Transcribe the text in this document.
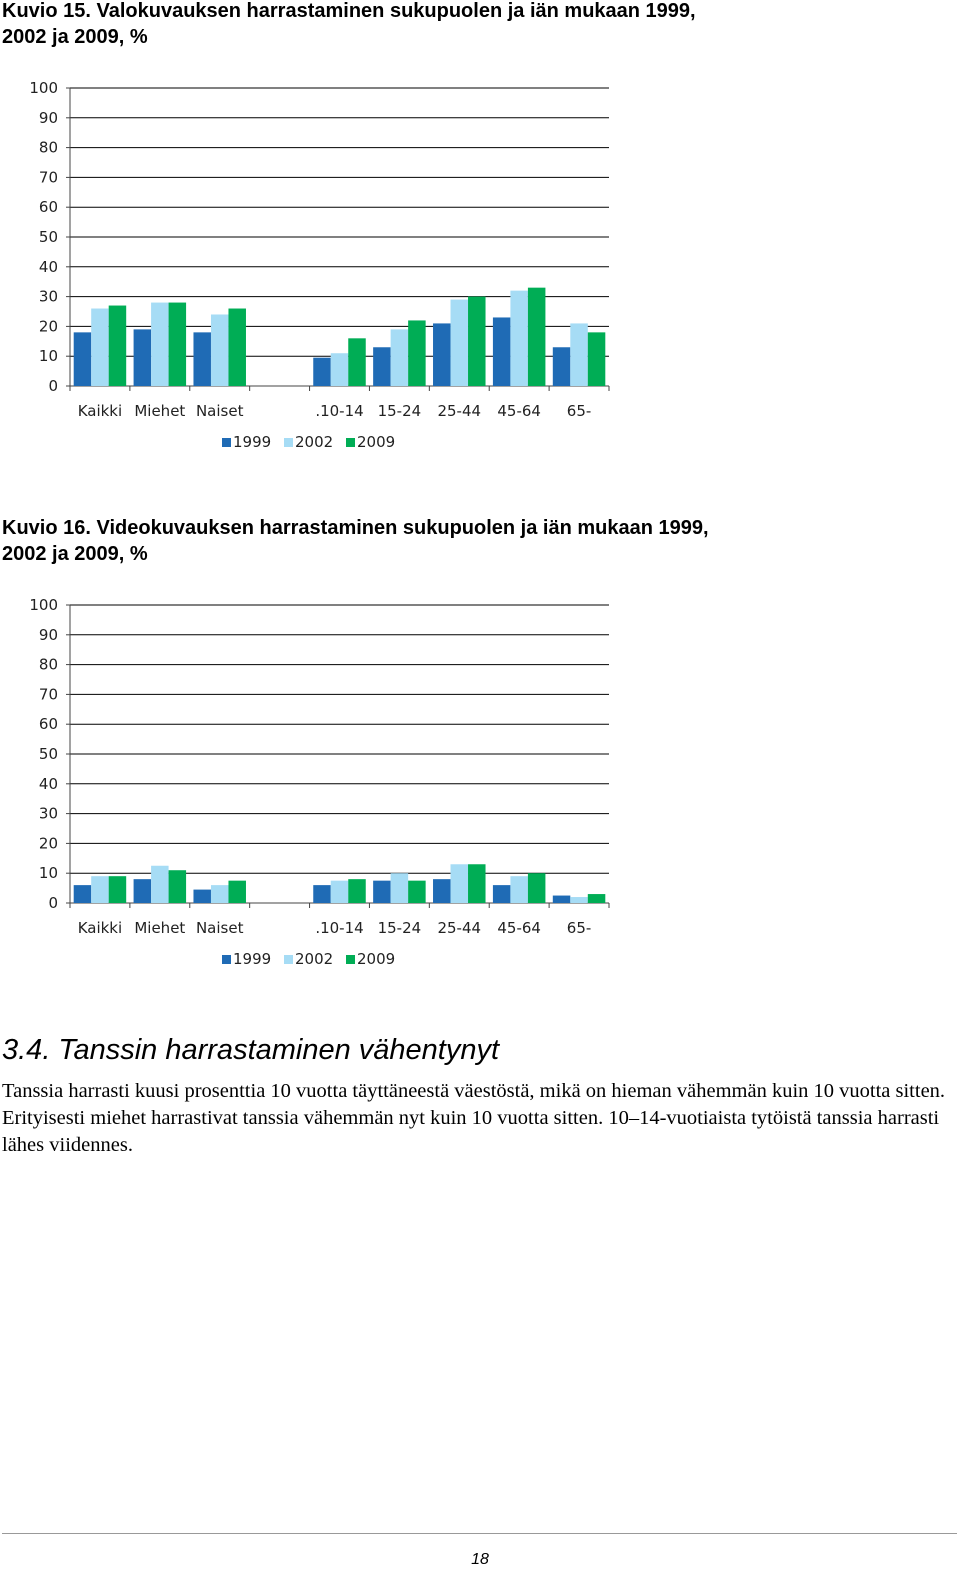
Kuvio 15. Valokuvauksen harrastaminen sukupuolen ja iän mukaan 1999, 2002 ja 2009, %

0
10
20
30
40
50
60
70
80
90
100
Kaikki Miehet Naiset	.10-14 15-24 25-44 45-64 65-
1999 2002 2009

Kuvio 16. Videokuvauksen harrastaminen sukupuolen ja iän mukaan 1999, 2002 ja 2009, %

0
10
20
30
40
50
60
70
80
90
100
Kaikki Miehet Naiset	.10-14 15-24 25-44 45-64 65-
1999 2002 2009
3.4. Tanssin harrastaminen vähentynyt

Tanssia harrasti kuusi prosenttia 10 vuotta täyttäneestä väestöstä, mikä on hieman vähemmän kuin 10 vuotta sitten. Erityisesti miehet harrastivat tanssia vähemmän nyt kuin 10 vuotta sitten. 10–14-vuotiaista tytöistä tanssia harrasti lähes viidennes.

18
